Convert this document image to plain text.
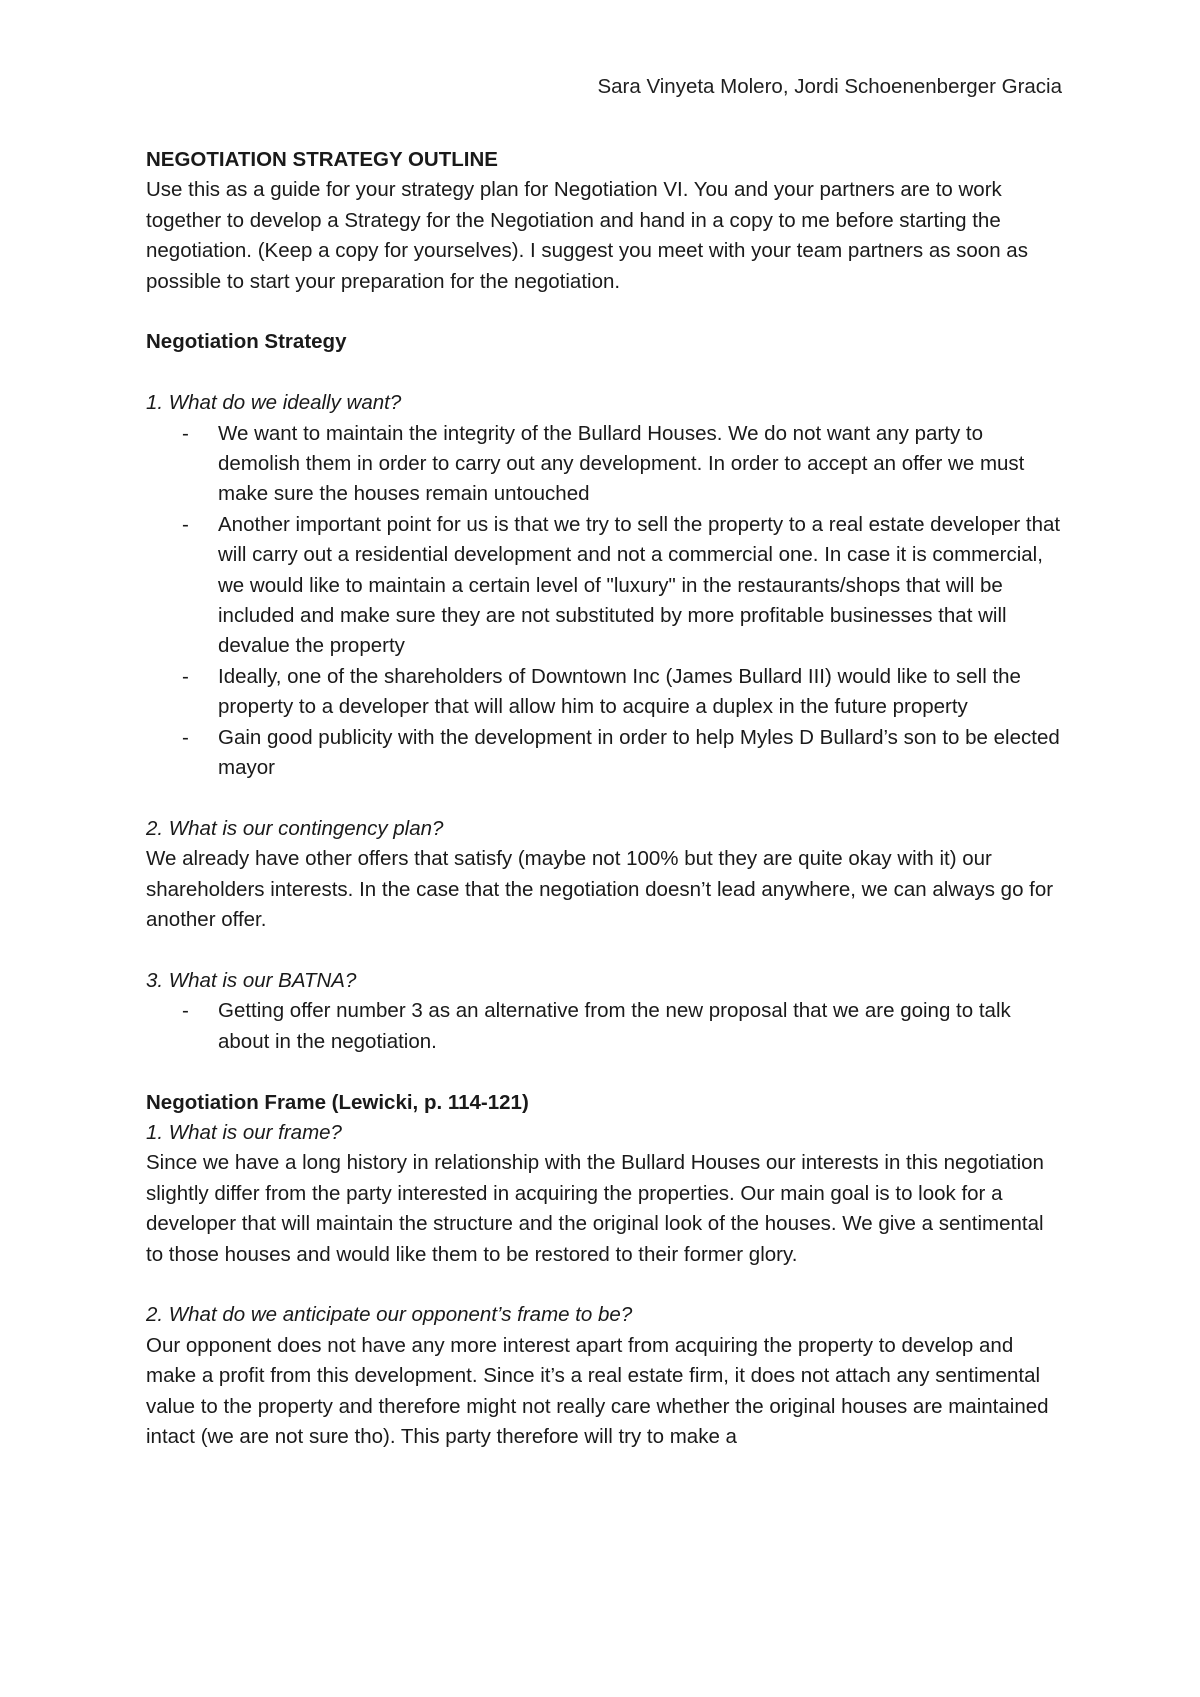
Sara Vinyeta Molero, Jordi Schoenenberger Gracia

NEGOTIATION STRATEGY OUTLINE

Use this as a guide for your strategy plan for Negotiation VI. You and your partners are to work together to develop a Strategy for the Negotiation and hand in a copy to me before starting the negotiation. (Keep a copy for yourselves). I suggest you meet with your team partners as soon as possible to start your preparation for the negotiation.

Negotiation Strategy

1. What do we ideally want?

- We want to maintain the integrity of the Bullard Houses. We do not want any party to demolish them in order to carry out any development. In order to accept an offer we must make sure the houses remain untouched
- Another important point for us is that we try to sell the property to a real estate developer that will carry out a residential development and not a commercial one. In case it is commercial, we would like to maintain a certain level of "luxury" in the restaurants/shops that will be included and make sure they are not substituted by more profitable businesses that will devalue the property
- Ideally, one of the shareholders of Downtown Inc (James Bullard III) would like to sell the property to a developer that will allow him to acquire a duplex in the future property
- Gain good publicity with the development in order to help Myles D Bullard’s son to be elected mayor

2. What is our contingency plan?

We already have other offers that satisfy (maybe not 100% but they are quite okay with it) our shareholders interests. In the case that the negotiation doesn’t lead anywhere, we can always go for another offer.

3. What is our BATNA?

- Getting offer number 3 as an alternative from the new proposal that we are going to talk about in the negotiation.

Negotiation Frame (Lewicki, p. 114-121)

1. What is our frame?

Since we have a long history in relationship with the Bullard Houses our interests in this negotiation slightly differ from the party interested in acquiring the properties. Our main goal is to look for a developer that will maintain the structure and the original look of the houses. We give a sentimental to those houses and would like them to be restored to their former glory.

2. What do we anticipate our opponent’s frame to be?

Our opponent does not have any more interest apart from acquiring the property to develop and make a profit from this development. Since it’s a real estate firm, it does not attach any sentimental value to the property and therefore might not really care whether the original houses are maintained intact (we are not sure tho). This party therefore will try to make a
